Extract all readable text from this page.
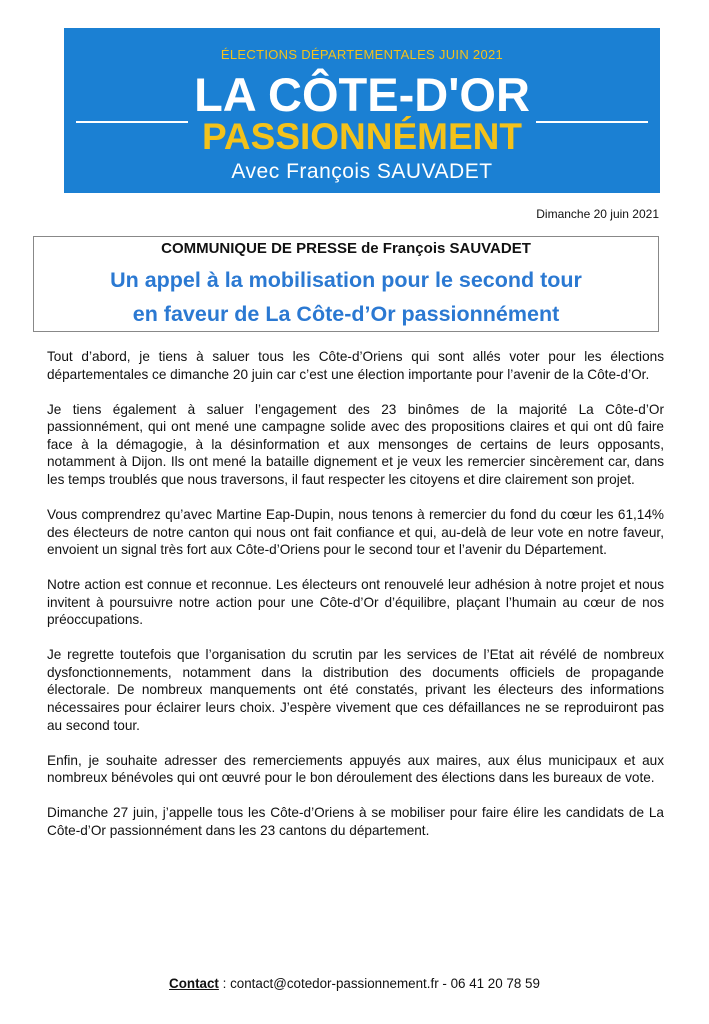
ÉLECTIONS DÉPARTEMENTALES JUIN 2021
LA CÔTE-D'OR
PASSIONNÉMENT
Avec François SAUVADET
Dimanche 20 juin 2021
COMMUNIQUE DE PRESSE de François SAUVADET
Un appel à la mobilisation pour le second tour
en faveur de La Côte-d’Or passionnément

Tout d’abord, je tiens à saluer tous les Côte-d’Oriens qui sont allés voter pour les élections départementales ce dimanche 20 juin car c’est une élection importante pour l’avenir de la Côte-d’Or.

Je tiens également à saluer l’engagement des 23 binômes de la majorité La Côte-d’Or passionnément, qui ont mené une campagne solide avec des propositions claires et qui ont dû faire face à la démagogie, à la désinformation et aux mensonges de certains de leurs opposants, notamment à Dijon. Ils ont mené la bataille dignement et je veux les remercier sincèrement car, dans les temps troublés que nous traversons, il faut respecter les citoyens et dire clairement son projet.

Vous comprendrez qu’avec Martine Eap-Dupin, nous tenons à remercier du fond du cœur les 61,14% des électeurs de notre canton qui nous ont fait confiance et qui, au-delà de leur vote en notre faveur, envoient un signal très fort aux Côte-d’Oriens pour le second tour et l’avenir du Département.

Notre action est connue et reconnue. Les électeurs ont renouvelé leur adhésion à notre projet et nous invitent à poursuivre notre action pour une Côte-d’Or d’équilibre, plaçant l’humain au cœur de nos préoccupations.

Je regrette toutefois que l’organisation du scrutin par les services de l’Etat ait révélé de nombreux dysfonctionnements, notamment dans la distribution des documents officiels de propagande électorale. De nombreux manquements ont été constatés, privant les électeurs des informations nécessaires pour éclairer leurs choix. J’espère vivement que ces défaillances ne se reproduiront pas au second tour.

Enfin, je souhaite adresser des remerciements appuyés aux maires, aux élus municipaux et aux nombreux bénévoles qui ont œuvré pour le bon déroulement des élections dans les bureaux de vote.

Dimanche 27 juin, j’appelle tous les Côte-d’Oriens à se mobiliser pour faire élire les candidats de La Côte-d’Or passionnément dans les 23 cantons du département.

Contact : contact@cotedor-passionnement.fr - 06 41 20 78 59
